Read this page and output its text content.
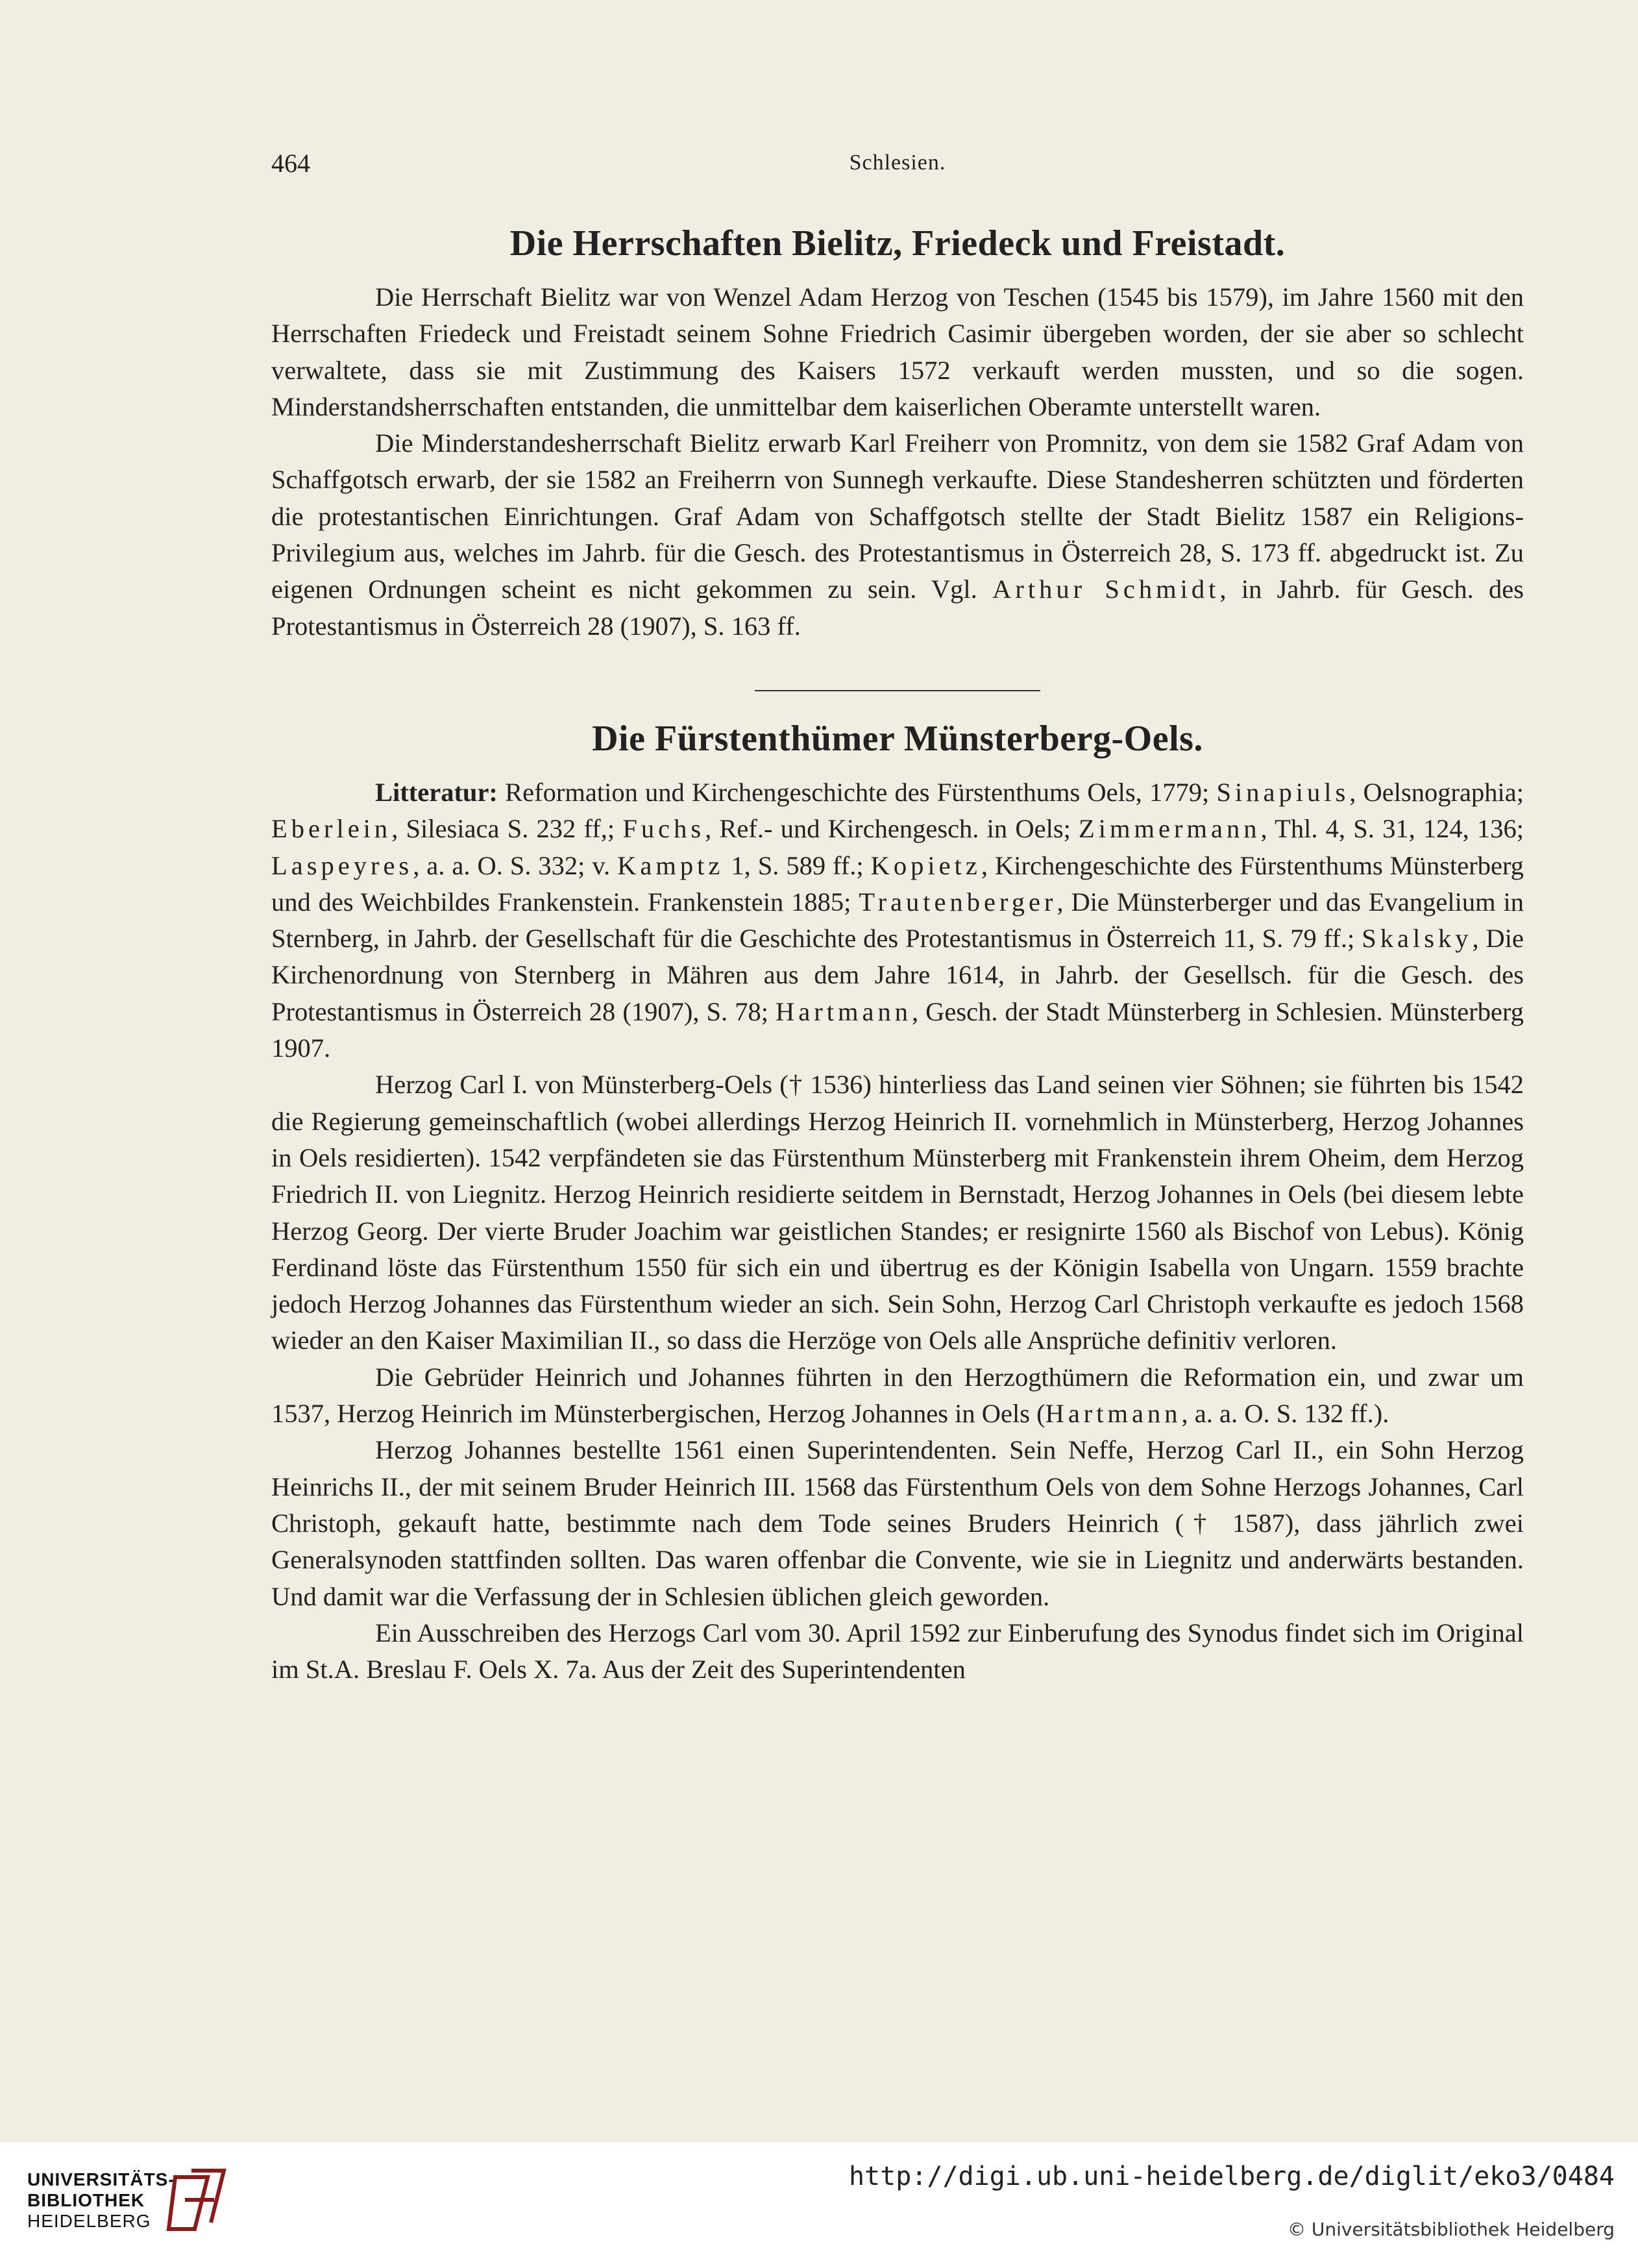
464	Schlesien.
Die Herrschaften Bielitz, Friedeck und Freistadt.

Die Herrschaft Bielitz war von Wenzel Adam Herzog von Teschen (1545 bis 1579), im Jahre 1560 mit den Herrschaften Friedeck und Freistadt seinem Sohne Friedrich Casimir übergeben worden, der sie aber so schlecht verwaltete, dass sie mit Zustimmung des Kaisers 1572 verkauft werden mussten, und so die sogen. Minderstandsherrschaften entstanden, die unmittelbar dem kaiserlichen Oberamte unterstellt waren.

Die Minderstandesherrschaft Bielitz erwarb Karl Freiherr von Promnitz, von dem sie 1582 Graf Adam von Schaffgotsch erwarb, der sie 1582 an Freiherrn von Sunnegh verkaufte. Diese Standesherren schützten und förderten die protestantischen Einrichtungen. Graf Adam von Schaffgotsch stellte der Stadt Bielitz 1587 ein Religions-Privilegium aus, welches im Jahrb. für die Gesch. des Protestantismus in Österreich 28, S. 173 ff. abgedruckt ist. Zu eigenen Ordnungen scheint es nicht gekommen zu sein. Vgl. Arthur Schmidt, in Jahrb. für Gesch. des Protestantismus in Österreich 28 (1907), S. 163 ff.

Die Fürstenthümer Münsterberg-Oels.

Litteratur: Reformation und Kirchengeschichte des Fürstenthums Oels, 1779; Sinapiuls, Oelsnographia; Eberlein, Silesiaca S. 232 ff,; Fuchs, Ref.- und Kirchengesch. in Oels; Zimmermann, Thl. 4, S. 31, 124, 136; Laspeyres, a. a. O. S. 332; v. Kamptz 1, S. 589 ff.; Kopietz, Kirchengeschichte des Fürstenthums Münsterberg und des Weichbildes Frankenstein. Frankenstein 1885; Trautenberger, Die Münsterberger und das Evangelium in Sternberg, in Jahrb. der Gesellschaft für die Geschichte des Protestantismus in Österreich 11, S. 79 ff.; Skalsky, Die Kirchenordnung von Sternberg in Mähren aus dem Jahre 1614, in Jahrb. der Gesellsch. für die Gesch. des Protestantismus in Österreich 28 (1907), S. 78; Hartmann, Gesch. der Stadt Münsterberg in Schlesien. Münsterberg 1907.

Herzog Carl I. von Münsterberg-Oels († 1536) hinterliess das Land seinen vier Söhnen; sie führten bis 1542 die Regierung gemeinschaftlich (wobei allerdings Herzog Heinrich II. vornehmlich in Münsterberg, Herzog Johannes in Oels residierten). 1542 verpfändeten sie das Fürstenthum Münsterberg mit Frankenstein ihrem Oheim, dem Herzog Friedrich II. von Liegnitz. Herzog Heinrich residierte seitdem in Bernstadt, Herzog Johannes in Oels (bei diesem lebte Herzog Georg. Der vierte Bruder Joachim war geistlichen Standes; er resignirte 1560 als Bischof von Lebus). König Ferdinand löste das Fürstenthum 1550 für sich ein und übertrug es der Königin Isabella von Ungarn. 1559 brachte jedoch Herzog Johannes das Fürstenthum wieder an sich. Sein Sohn, Herzog Carl Christoph verkaufte es jedoch 1568 wieder an den Kaiser Maximilian II., so dass die Herzöge von Oels alle Ansprüche definitiv verloren.

Die Gebrüder Heinrich und Johannes führten in den Herzogthümern die Reformation ein, und zwar um 1537, Herzog Heinrich im Münsterbergischen, Herzog Johannes in Oels (Hartmann, a. a. O. S. 132 ff.).

Herzog Johannes bestellte 1561 einen Superintendenten. Sein Neffe, Herzog Carl II., ein Sohn Herzog Heinrichs II., der mit seinem Bruder Heinrich III. 1568 das Fürstenthum Oels von dem Sohne Herzogs Johannes, Carl Christoph, gekauft hatte, bestimmte nach dem Tode seines Bruders Heinrich († 1587), dass jährlich zwei Generalsynoden stattfinden sollten. Das waren offenbar die Convente, wie sie in Liegnitz und anderwärts bestanden. Und damit war die Verfassung der in Schlesien üblichen gleich geworden.

Ein Ausschreiben des Herzogs Carl vom 30. April 1592 zur Einberufung des Synodus findet sich im Original im St.A. Breslau F. Oels X. 7a. Aus der Zeit des Superintendenten

UNIVERSITÄTS-
BIBLIOTHEK
HEIDELBERG
http://digi.ub.uni-heidelberg.de/diglit/eko3/0484
© Universitätsbibliothek Heidelberg
